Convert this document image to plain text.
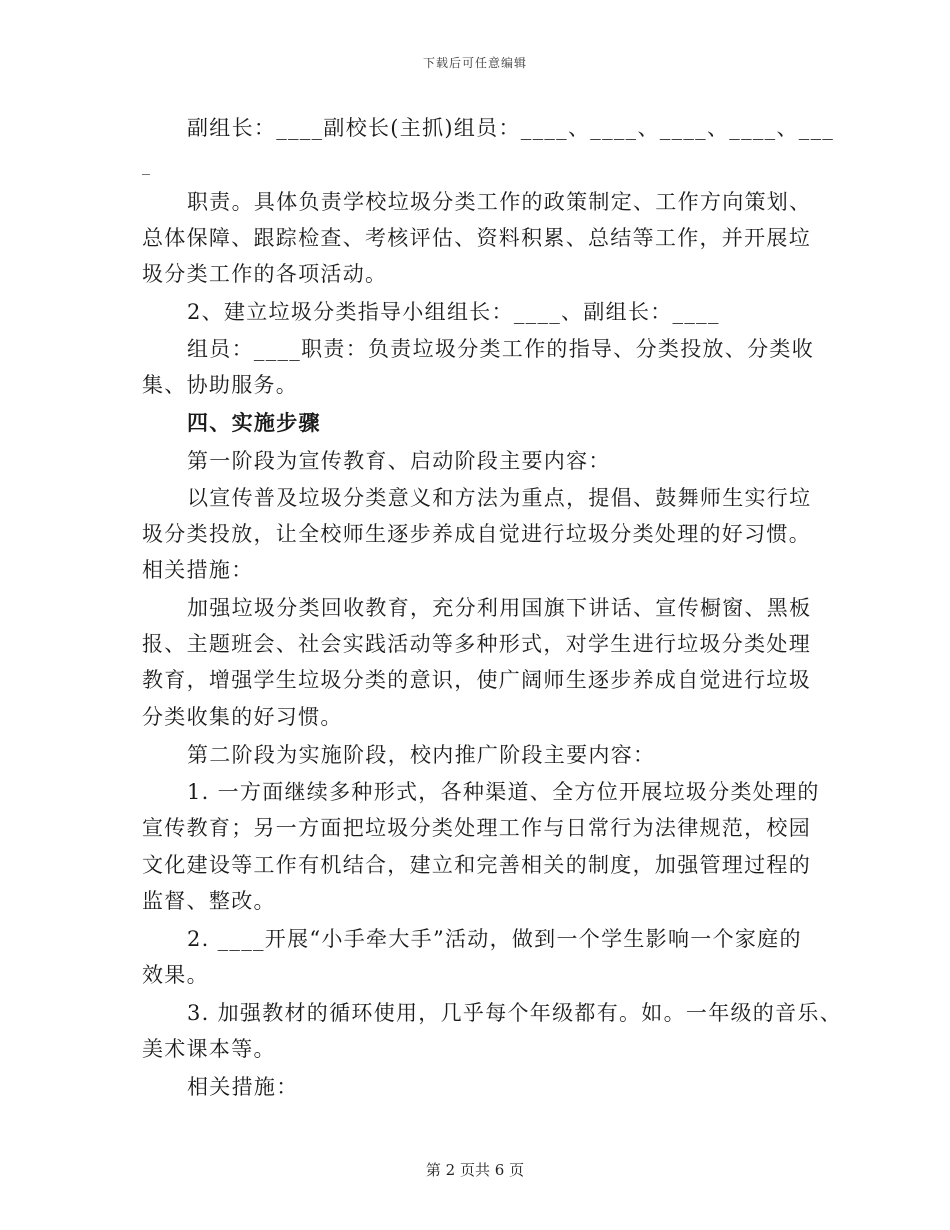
下载后可任意编辑
副组长：____副校长(主抓)组员：____、____、____、____、___
_
职责。具体负责学校垃圾分类工作的政策制定、工作方向策划、
总体保障、跟踪检查、考核评估、资料积累、总结等工作，并开展垃
圾分类工作的各项活动。
2、建立垃圾分类指导小组组长：____、副组长：____
组员：____职责：负责垃圾分类工作的指导、分类投放、分类收
集、协助服务。
四、实施步骤
第一阶段为宣传教育、启动阶段主要内容：
以宣传普及垃圾分类意义和方法为重点，提倡、鼓舞师生实行垃
圾分类投放，让全校师生逐步养成自觉进行垃圾分类处理的好习惯。
相关措施：
加强垃圾分类回收教育，充分利用国旗下讲话、宣传橱窗、黑板
报、主题班会、社会实践活动等多种形式，对学生进行垃圾分类处理
教育，增强学生垃圾分类的意识，使广阔师生逐步养成自觉进行垃圾
分类收集的好习惯。
第二阶段为实施阶段，校内推广阶段主要内容：
1. 一方面继续多种形式，各种渠道、全方位开展垃圾分类处理的
宣传教育；另一方面把垃圾分类处理工作与日常行为法律规范，校园
文化建设等工作有机结合，建立和完善相关的制度，加强管理过程的
监督、整改。
2. ____开展“小手牵大手”活动，做到一个学生影响一个家庭的
效果。
3. 加强教材的循环使用，几乎每个年级都有。如。一年级的音乐、
美术课本等。
相关措施：
第 2 页共 6 页
